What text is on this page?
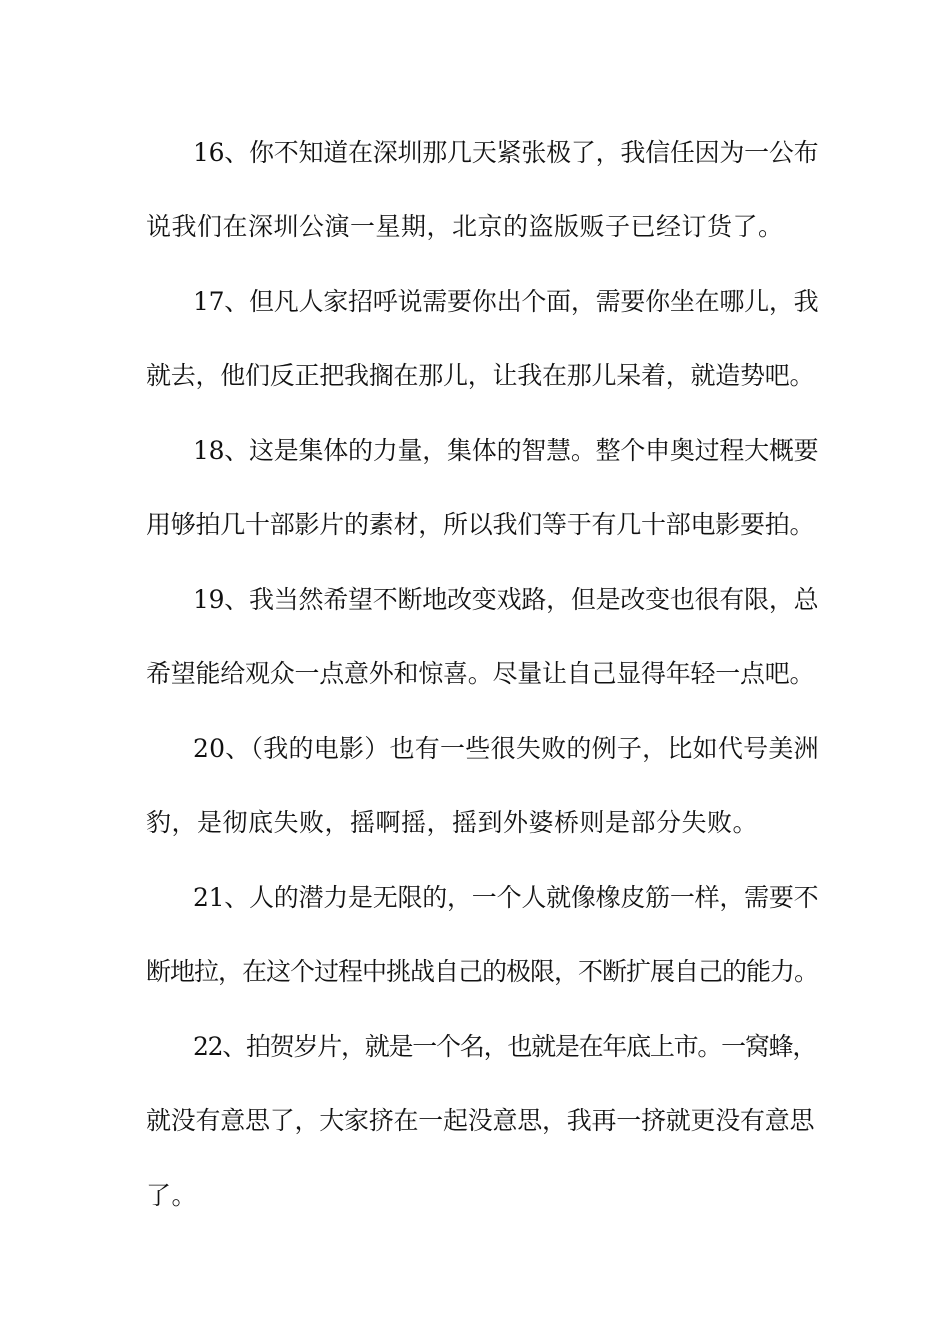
16、你不知道在深圳那几天紧张极了，我信任因为一公布
说我们在深圳公演一星期，北京的盗版贩子已经订货了。
17、但凡人家招呼说需要你出个面，需要你坐在哪儿，我
就去，他们反正把我搁在那儿，让我在那儿呆着，就造势吧。
18、这是集体的力量，集体的智慧。整个申奥过程大概要
用够拍几十部影片的素材，所以我们等于有几十部电影要拍。
19、我当然希望不断地改变戏路，但是改变也很有限，总
希望能给观众一点意外和惊喜。尽量让自己显得年轻一点吧。
20、（我的电影）也有一些很失败的例子，比如代号美洲
豹，是彻底失败，摇啊摇，摇到外婆桥则是部分失败。
21、人的潜力是无限的，一个人就像橡皮筋一样，需要不
断地拉，在这个过程中挑战自己的极限，不断扩展自己的能力。
22、拍贺岁片，就是一个名，也就是在年底上市。一窝蜂，
就没有意思了，大家挤在一起没意思，我再一挤就更没有意思
了。
